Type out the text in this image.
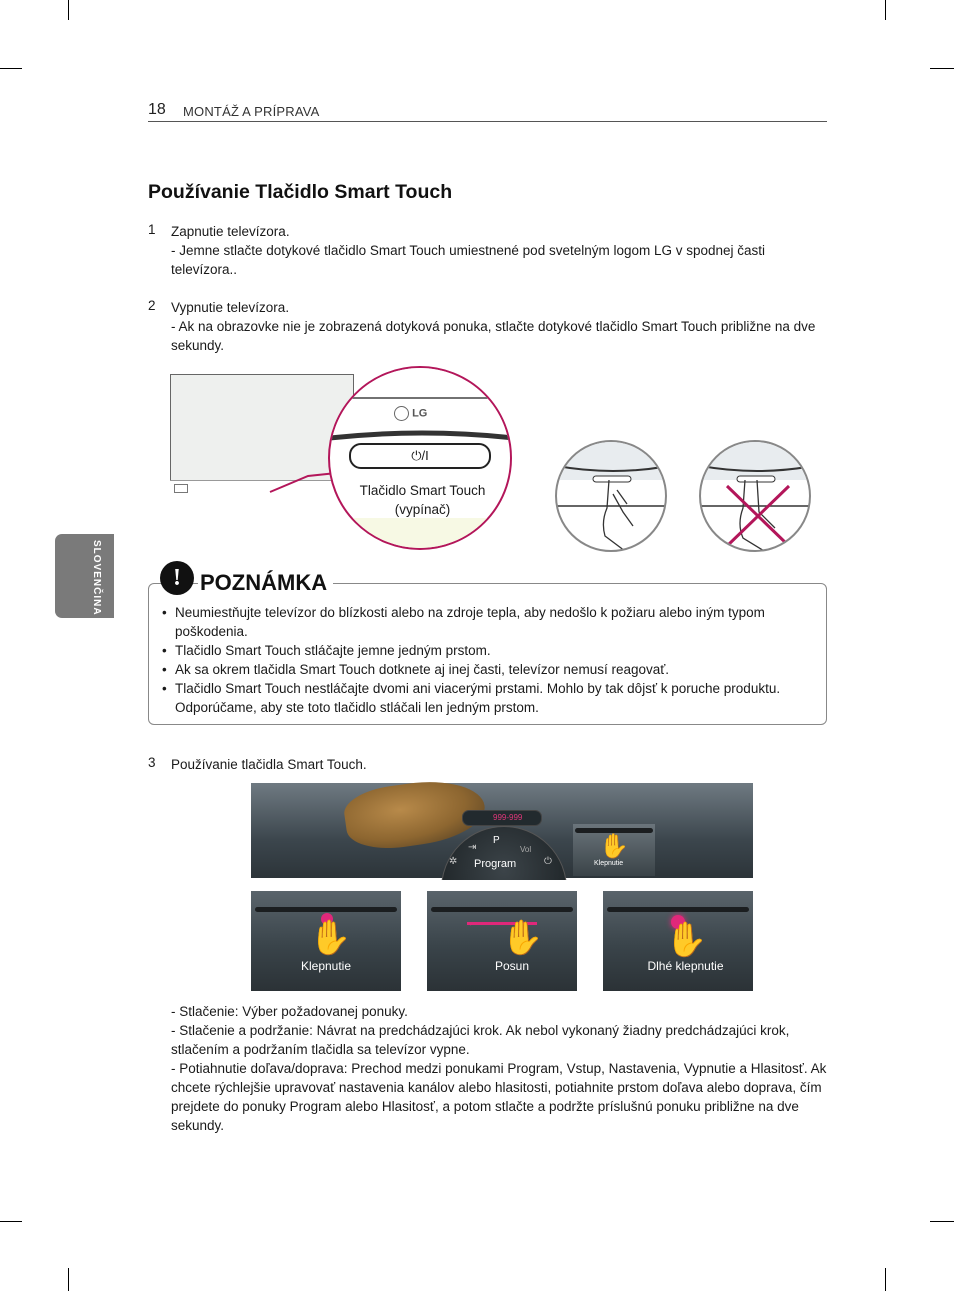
18 MONTÁŽ A PRÍPRAVA
SLOVENČINA
Používanie Tlačidlo Smart Touch
1 Zapnutie televízora.
- Jemne stlačte dotykové tlačidlo Smart Touch umiestnené pod svetelným logom LG v spodnej časti televízora..
2 Vypnutie televízora.
- Ak na obrazovke nie je zobrazená dotyková ponuka, stlačte dotykové tlačidlo Smart Touch približne na dve sekundy.
LG
⏻/I
Tlačidlo Smart Touch
(vypínač)
! POZNÁMKA
• Neumiestňujte televízor do blízkosti alebo na zdroje tepla, aby nedošlo k požiaru alebo iným typom poškodenia.
• Tlačidlo Smart Touch stláčajte jemne jedným prstom.
• Ak sa okrem tlačidla Smart Touch dotknete aj inej časti, televízor nemusí reagovať.
• Tlačidlo Smart Touch nestláčajte dvomi ani viacerými prstami. Mohlo by tak dôjsť k poruche produktu. Odporúčame, aby ste toto tlačidlo stláčali len jedným prstom.
3 Používanie tlačidla Smart Touch.
999-999
P
Vol
Program
⇥
✲	⏻
✋
Klepnutie
✋
Klepnutie
← ✋
Posun
✋
Dlhé klepnutie
- Stlačenie: Výber požadovanej ponuky.
- Stlačenie a podržanie: Návrat na predchádzajúci krok. Ak nebol vykonaný žiadny predchádzajúci krok, stlačením a podržaním tlačidla sa televízor vypne.
- Potiahnutie doľava/doprava: Prechod medzi ponukami Program, Vstup, Nastavenia, Vypnutie a Hlasitosť. Ak chcete rýchlejšie upravovať nastavenia kanálov alebo hlasitosti, potiahnite prstom doľava alebo doprava, čím prejdete do ponuky Program alebo Hlasitosť, a potom stlačte a podržte príslušnú ponuku približne na dve sekundy.
